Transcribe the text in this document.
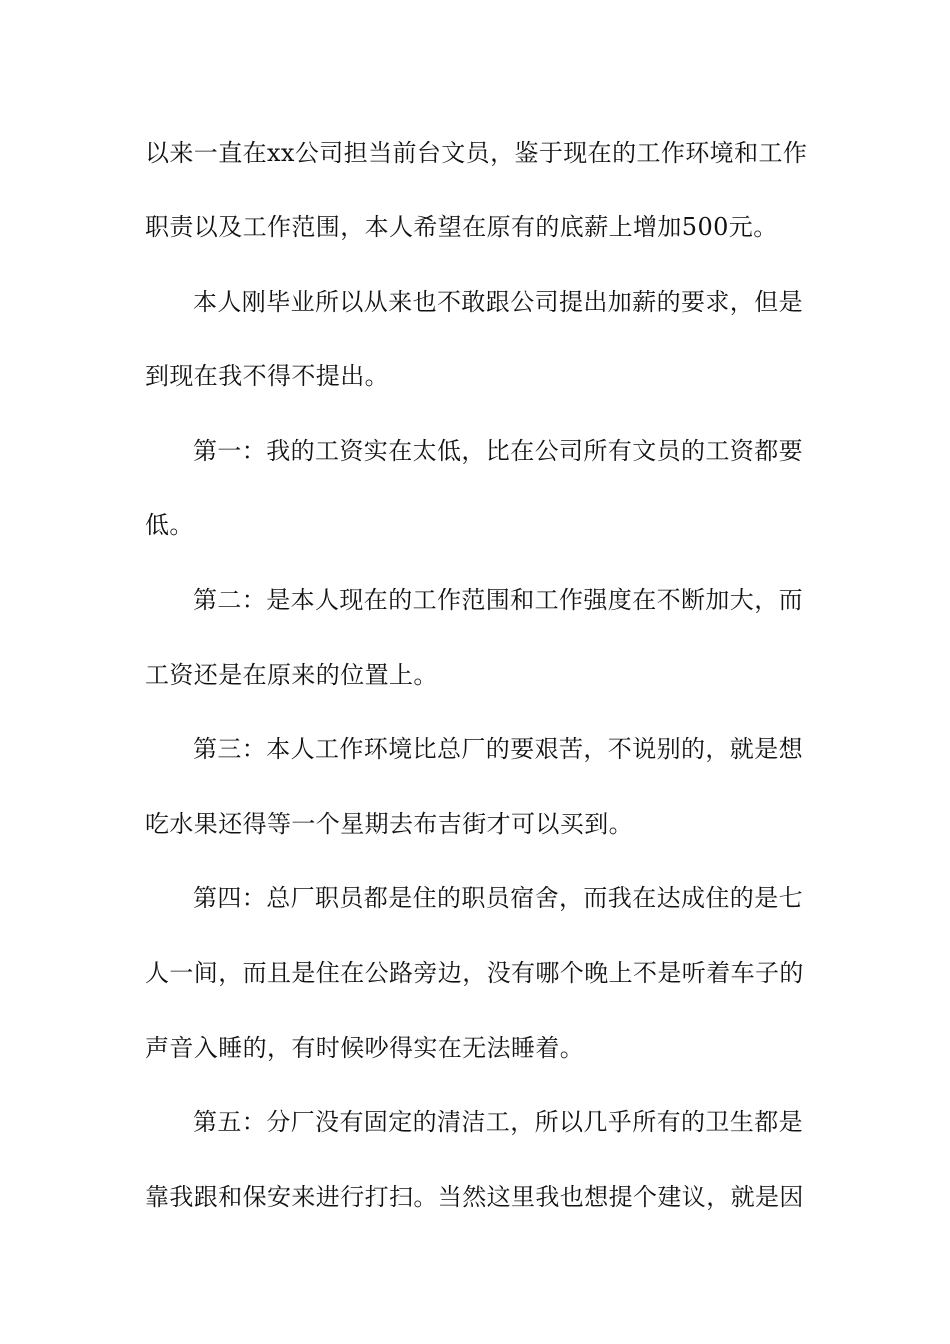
以来一直在xx公司担当前台文员，鉴于现在的工作环境和工作
职责以及工作范围，本人希望在原有的底薪上增加500元。
本人刚毕业所以从来也不敢跟公司提出加薪的要求，但是
到现在我不得不提出。
第一：我的工资实在太低，比在公司所有文员的工资都要
低。
第二：是本人现在的工作范围和工作强度在不断加大，而
工资还是在原来的位置上。
第三：本人工作环境比总厂的要艰苦，不说别的，就是想
吃水果还得等一个星期去布吉街才可以买到。
第四：总厂职员都是住的职员宿舍，而我在达成住的是七
人一间，而且是住在公路旁边，没有哪个晚上不是听着车子的
声音入睡的，有时候吵得实在无法睡着。
第五：分厂没有固定的清洁工，所以几乎所有的卫生都是
靠我跟和保安来进行打扫。当然这里我也想提个建议，就是因
